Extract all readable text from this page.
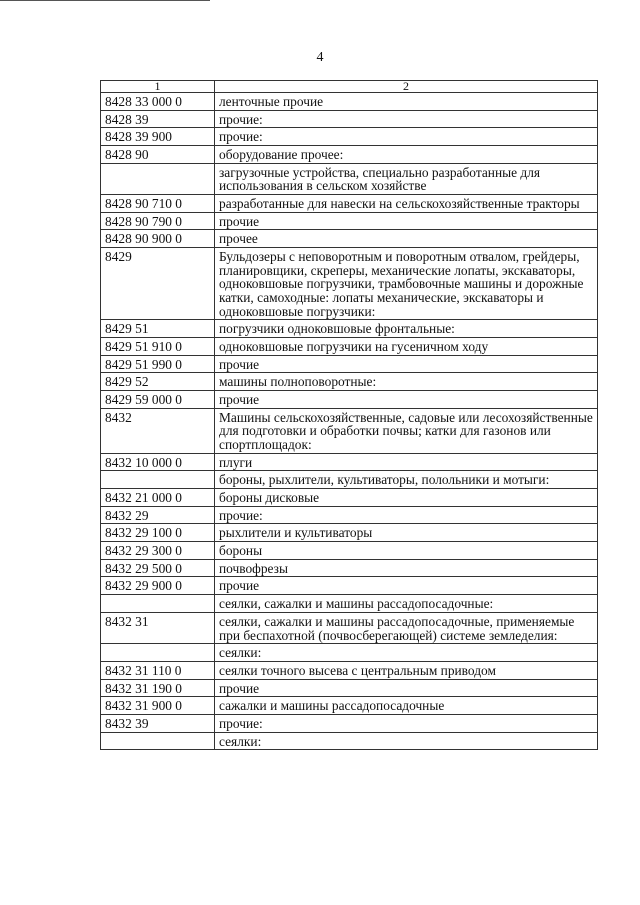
4
1	2
8428 33 000 0	ленточные прочие
8428 39	прочие:
8428 39 900	прочие:
8428 90	оборудование прочее:
	загрузочные устройства, специально разработанные для использования в сельском хозяйстве
8428 90 710 0	разработанные для навески на сельскохозяйственные тракторы
8428 90 790 0	прочие
8428 90 900 0	прочее
8429	Бульдозеры с неповоротным и поворотным отвалом, грейдеры, планировщики, скреперы, механические лопаты, экскаваторы, одноковшовые погрузчики, трамбовочные машины и дорожные катки, самоходные: лопаты механические, экскаваторы и одноковшовые погрузчики:
8429 51	погрузчики одноковшовые фронтальные:
8429 51 910 0	одноковшовые погрузчики на гусеничном ходу
8429 51 990 0	прочие
8429 52	машины полноповоротные:
8429 59 000 0	прочие
8432	Машины сельскохозяйственные, садовые или лесохозяйственные для подготовки и обработки почвы; катки для газонов или спортплощадок:
8432 10 000 0	плуги
	бороны, рыхлители, культиваторы, полольники и мотыги:
8432 21 000 0	бороны дисковые
8432 29	прочие:
8432 29 100 0	рыхлители и культиваторы
8432 29 300 0	бороны
8432 29 500 0	почвофрезы
8432 29 900 0	прочие
	сеялки, сажалки и машины рассадопосадочные:
8432 31	сеялки, сажалки и машины рассадопосадочные, применяемые при беспахотной (почвосберегающей) системе земледелия:
	сеялки:
8432 31 110 0	сеялки точного высева с центральным приводом
8432 31 190 0	прочие
8432 31 900 0	сажалки и машины рассадопосадочные
8432 39	прочие:
	сеялки:
